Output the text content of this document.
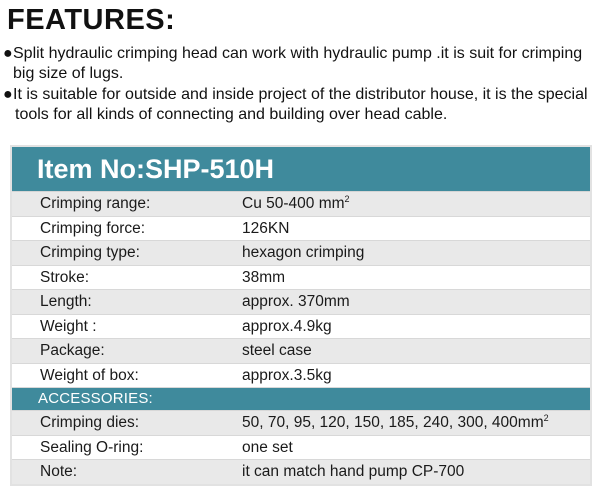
FEATURES:
●Split hydraulic crimping head can work with hydraulic pump .it is suit for crimping
big size of lugs.
●It is suitable for outside and inside project of the distributor house, it is the special
tools for all kinds of connecting and building over head cable.
Item No:SHP-510H
Crimping range:	Cu 50-400 $mm^2$
Crimping force:	126KN
Crimping type:	hexagon crimping
Stroke:	38mm
Length:	approx. 370mm
Weight :	approx.4.9kg
Package:	steel case
Weight of box:	approx.3.5kg
ACCESSORIES:
Crimping dies:	50, 70, 95, 120, 150, 185, 240, 300, $400mm^2$
Sealing O-ring:	one set
Note:	it can match hand pump CP-700
